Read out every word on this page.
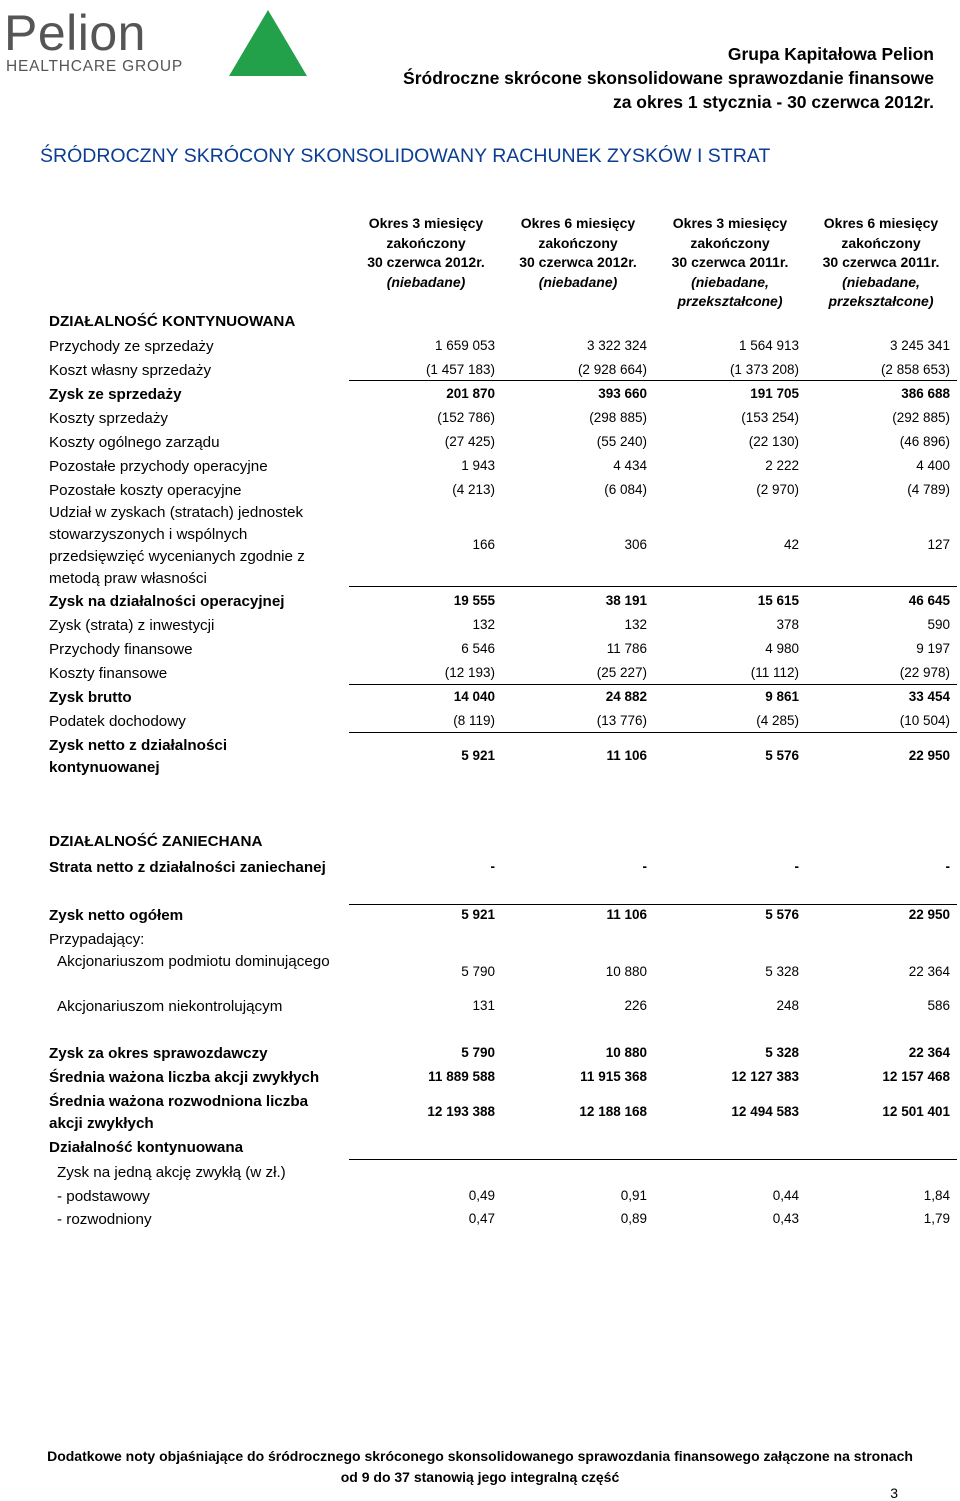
Pelion
HEALTHCARE GROUP
Grupa Kapitałowa Pelion
Śródroczne skrócone skonsolidowane sprawozdanie finansowe
za okres 1 stycznia - 30 czerwca 2012r.
ŚRÓDROCZNY SKRÓCONY SKONSOLIDOWANY RACHUNEK ZYSKÓW I STRAT
Okres 3 miesięcy
zakończony
30 czerwca 2012r.
(niebadane)
Okres 6 miesięcy
zakończony
30 czerwca 2012r.
(niebadane)
Okres 3 miesięcy
zakończony
30 czerwca 2011r.
(niebadane,
przekształcone)
Okres 6 miesięcy
zakończony
30 czerwca 2011r.
(niebadane,
przekształcone)
DZIAŁALNOŚĆ KONTYNUOWANA
DZIAŁALNOŚĆ ZANIECHANA
Przychody ze sprzedaży	1 659 053	3 322 324	1 564 913	3 245 341
Koszt własny sprzedaży	(1 457 183)	(2 928 664)	(1 373 208)	(2 858 653)
Zysk ze sprzedaży	201 870	393 660	191 705	386 688
Koszty sprzedaży	(152 786)	(298 885)	(153 254)	(292 885)
Koszty ogólnego zarządu	(27 425)	(55 240)	(22 130)	(46 896)
Pozostałe przychody operacyjne	1 943	4 434	2 222	4 400
Pozostałe koszty operacyjne	(4 213)	(6 084)	(2 970)	(4 789)
Udział w zyskach (stratach) jednostek stowarzyszonych i wspólnych przedsięwzięć wycenianych zgodnie z metodą praw własności
166	306	42	127
Zysk na działalności operacyjnej	19 555	38 191	15 615	46 645
Zysk (strata) z inwestycji	132	132	378	590
Przychody finansowe	6 546	11 786	4 980	9 197
Koszty finansowe	(12 193)	(25 227)	(11 112)	(22 978)
Zysk brutto	14 040	24 882	9 861	33 454
Podatek dochodowy	(8 119)	(13 776)	(4 285)	(10 504)
Zysk netto z działalności kontynuowanej
5 921	11 106	5 576	22 950
Strata netto z działalności zaniechanej	-	-	-	-
Zysk netto ogółem	5 921	11 106	5 576	22 950
Przypadający:
Akcjonariuszom podmiotu dominującego
5 790	10 880	5 328	22 364
Akcjonariuszom niekontrolującym	131	226	248	586
Zysk za okres sprawozdawczy	5 790	10 880	5 328	22 364
Średnia ważona liczba akcji zwykłych	11 889 588	11 915 368	12 127 383	12 157 468
Średnia ważona rozwodniona liczba akcji zwykłych
12 193 388	12 188 168	12 494 583	12 501 401
Działalność kontynuowana
Zysk na jedną akcję zwykłą (w zł.)
- podstawowy	0,49	0,91	0,44	1,84
- rozwodniony	0,47	0,89	0,43	1,79
Dodatkowe noty objaśniające do śródrocznego skróconego skonsolidowanego sprawozdania finansowego załączone na stronach
od 9 do 37 stanowią jego integralną część
3
